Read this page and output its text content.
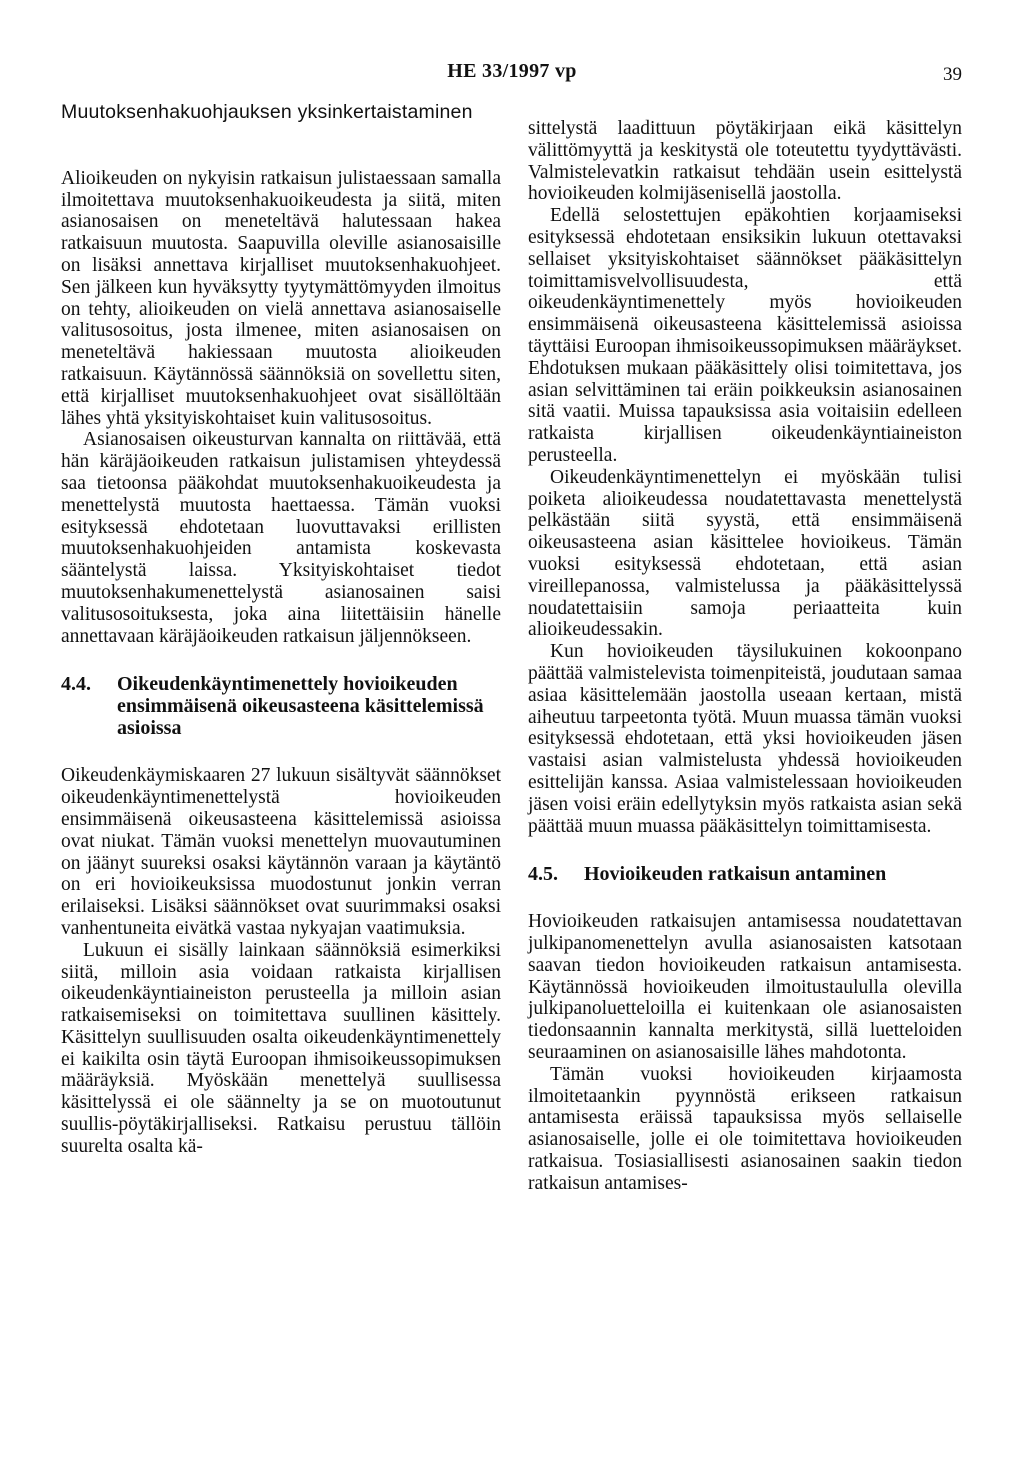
HE 33/1997 vp	39
Muutoksenhakuohjauksen yksinkertaistaminen

Alioikeuden on nykyisin ratkaisun julistaessaan samalla ilmoitettava muutoksenhakuoikeudesta ja siitä, miten asianosaisen on meneteltävä halutessaan hakea ratkaisuun muutosta. Saapuvilla oleville asianosaisille on lisäksi annettava kirjalliset muutoksenhakuohjeet. Sen jälkeen kun hyväksytty tyytymättömyyden ilmoitus on tehty, alioikeuden on vielä annettava asianosaiselle valitusosoitus, josta ilmenee, miten asianosaisen on meneteltävä hakiessaan muutosta alioikeuden ratkaisuun. Käytännössä säännöksiä on sovellettu siten, että kirjalliset muutoksenhakuohjeet ovat sisällöltään lähes yhtä yksityiskohtaiset kuin valitusosoitus.

Asianosaisen oikeusturvan kannalta on riittävää, että hän käräjäoikeuden ratkaisun julistamisen yhteydessä saa tietoonsa pääkohdat muutoksenhakuoikeudesta ja menettelystä muutosta haettaessa. Tämän vuoksi esityksessä ehdotetaan luovuttavaksi erillisten muutoksenhakuohjeiden antamista koskevasta sääntelystä laissa. Yksityiskohtaiset tiedot muutoksenhakumenettelystä asianosainen saisi valitusosoituksesta, joka aina liitettäisiin hänelle annettavaan käräjäoikeuden ratkaisun jäljennökseen.

4.4.	Oikeudenkäyntimenettely hovioikeuden ensimmäisenä oikeusasteena käsittelemissä asioissa

Oikeudenkäymiskaaren 27 lukuun sisältyvät säännökset oikeudenkäyntimenettelystä hovioikeuden ensimmäisenä oikeusasteena käsittelemissä asioissa ovat niukat. Tämän vuoksi menettelyn muovautuminen on jäänyt suureksi osaksi käytännön varaan ja käytäntö on eri hovioikeuksissa muodostunut jonkin verran erilaiseksi. Lisäksi säännökset ovat suurimmaksi osaksi vanhentuneita eivätkä vastaa nykyajan vaatimuksia.

Lukuun ei sisälly lainkaan säännöksiä esimerkiksi siitä, milloin asia voidaan ratkaista kirjallisen oikeudenkäyntiaineiston perusteella ja milloin asian ratkaisemiseksi on toimitettava suullinen käsittely. Käsittelyn suullisuuden osalta oikeudenkäyntimenettely ei kaikilta osin täytä Euroopan ihmisoikeussopimuksen määräyksiä. Myöskään menettelyä suullisessa käsittelyssä ei ole säännelty ja se on muotoutunut suullis-pöytäkirjalliseksi. Ratkaisu perustuu tällöin suurelta osalta kä-

sittelystä laadittuun pöytäkirjaan eikä käsittelyn välittömyyttä ja keskitystä ole toteutettu tyydyttävästi. Valmistelevatkin ratkaisut tehdään usein esittelystä hovioikeuden kolmijäsenisellä jaostolla.

Edellä selostettujen epäkohtien korjaamiseksi esityksessä ehdotetaan ensiksikin lukuun otettavaksi sellaiset yksityiskohtaiset säännökset pääkäsittelyn toimittamisvelvollisuudesta, että oikeudenkäyntimenettely myös hovioikeuden ensimmäisenä oikeusasteena käsittelemissä asioissa täyttäisi Euroopan ihmisoikeussopimuksen määräykset. Ehdotuksen mukaan pääkäsittely olisi toimitettava, jos asian selvittäminen tai eräin poikkeuksin asianosainen sitä vaatii. Muissa tapauksissa asia voitaisiin edelleen ratkaista kirjallisen oikeudenkäyntiaineiston perusteella.

Oikeudenkäyntimenettelyn ei myöskään tulisi poiketa alioikeudessa noudatettavasta menettelystä pelkästään siitä syystä, että ensimmäisenä oikeusasteena asian käsittelee hovioikeus. Tämän vuoksi esityksessä ehdotetaan, että asian vireillepanossa, valmistelussa ja pääkäsittelyssä noudatettaisiin samoja periaatteita kuin alioikeudessakin.

Kun hovioikeuden täysilukuinen kokoonpano päättää valmistelevista toimenpiteistä, joudutaan samaa asiaa käsittelemään jaostolla useaan kertaan, mistä aiheutuu tarpeetonta työtä. Muun muassa tämän vuoksi esityksessä ehdotetaan, että yksi hovioikeuden jäsen vastaisi asian valmistelusta yhdessä hovioikeuden esittelijän kanssa. Asiaa valmistelessaan hovioikeuden jäsen voisi eräin edellytyksin myös ratkaista asian sekä päättää muun muassa pääkäsittelyn toimittamisesta.

4.5.	Hovioikeuden ratkaisun antaminen

Hovioikeuden ratkaisujen antamisessa noudatettavan julkipanomenettelyn avulla asianosaisten katsotaan saavan tiedon hovioikeuden ratkaisun antamisesta. Käytännössä hovioikeuden ilmoitustaululla olevilla julkipanoluetteloilla ei kuitenkaan ole asianosaisten tiedonsaannin kannalta merkitystä, sillä luetteloiden seuraaminen on asianosaisille lähes mahdotonta.

Tämän vuoksi hovioikeuden kirjaamosta ilmoitetaankin pyynnöstä erikseen ratkaisun antamisesta eräissä tapauksissa myös sellaiselle asianosaiselle, jolle ei ole toimitettava hovioikeuden ratkaisua. Tosiasiallisesti asianosainen saakin tiedon ratkaisun antamises-
